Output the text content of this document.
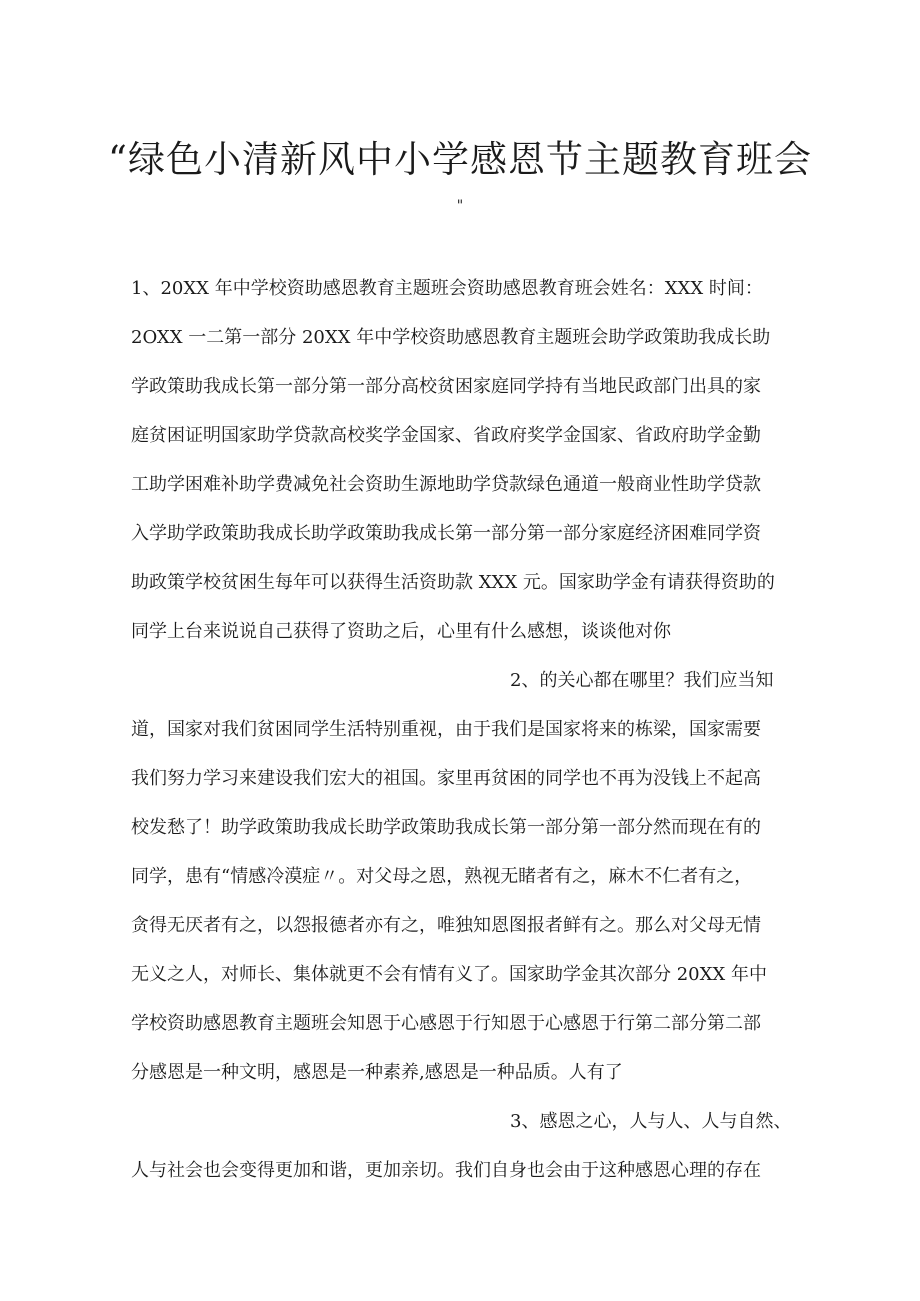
“绿色小清新风中小学感恩节主题教育班会
"
1、20XX 年中学校资助感恩教育主题班会资助感恩教育班会姓名：XXX 时间：
2OXX 一二第一部分 20XX 年中学校资助感恩教育主题班会助学政策助我成长助
学政策助我成长第一部分第一部分高校贫困家庭同学持有当地民政部门出具的家
庭贫困证明国家助学贷款高校奖学金国家、省政府奖学金国家、省政府助学金勤
工助学困难补助学费减免社会资助生源地助学贷款绿色通道一般商业性助学贷款
入学助学政策助我成长助学政策助我成长第一部分第一部分家庭经济困难同学资
助政策学校贫困生每年可以获得生活资助款 XXX 元。国家助学金有请获得资助的
同学上台来说说自己获得了资助之后，心里有什么感想，谈谈他对你
2、的关心都在哪里？我们应当知
道，国家对我们贫困同学生活特别重视，由于我们是国家将来的栋梁，国家需要
我们努力学习来建设我们宏大的祖国。家里再贫困的同学也不再为没钱上不起高
校发愁了！助学政策助我成长助学政策助我成长第一部分第一部分然而现在有的
同学，患有“情感冷漠症〃。对父母之恩，熟视无睹者有之，麻木不仁者有之，
贪得无厌者有之，以怨报德者亦有之，唯独知恩图报者鲜有之。那么对父母无情
无义之人，对师长、集体就更不会有情有义了。国家助学金其次部分 20XX 年中
学校资助感恩教育主题班会知恩于心感恩于行知恩于心感恩于行第二部分第二部
分感恩是一种文明，感恩是一种素养,感恩是一种品质。人有了
3、感恩之心，人与人、人与自然、
人与社会也会变得更加和谐，更加亲切。我们自身也会由于这种感恩心理的存在
